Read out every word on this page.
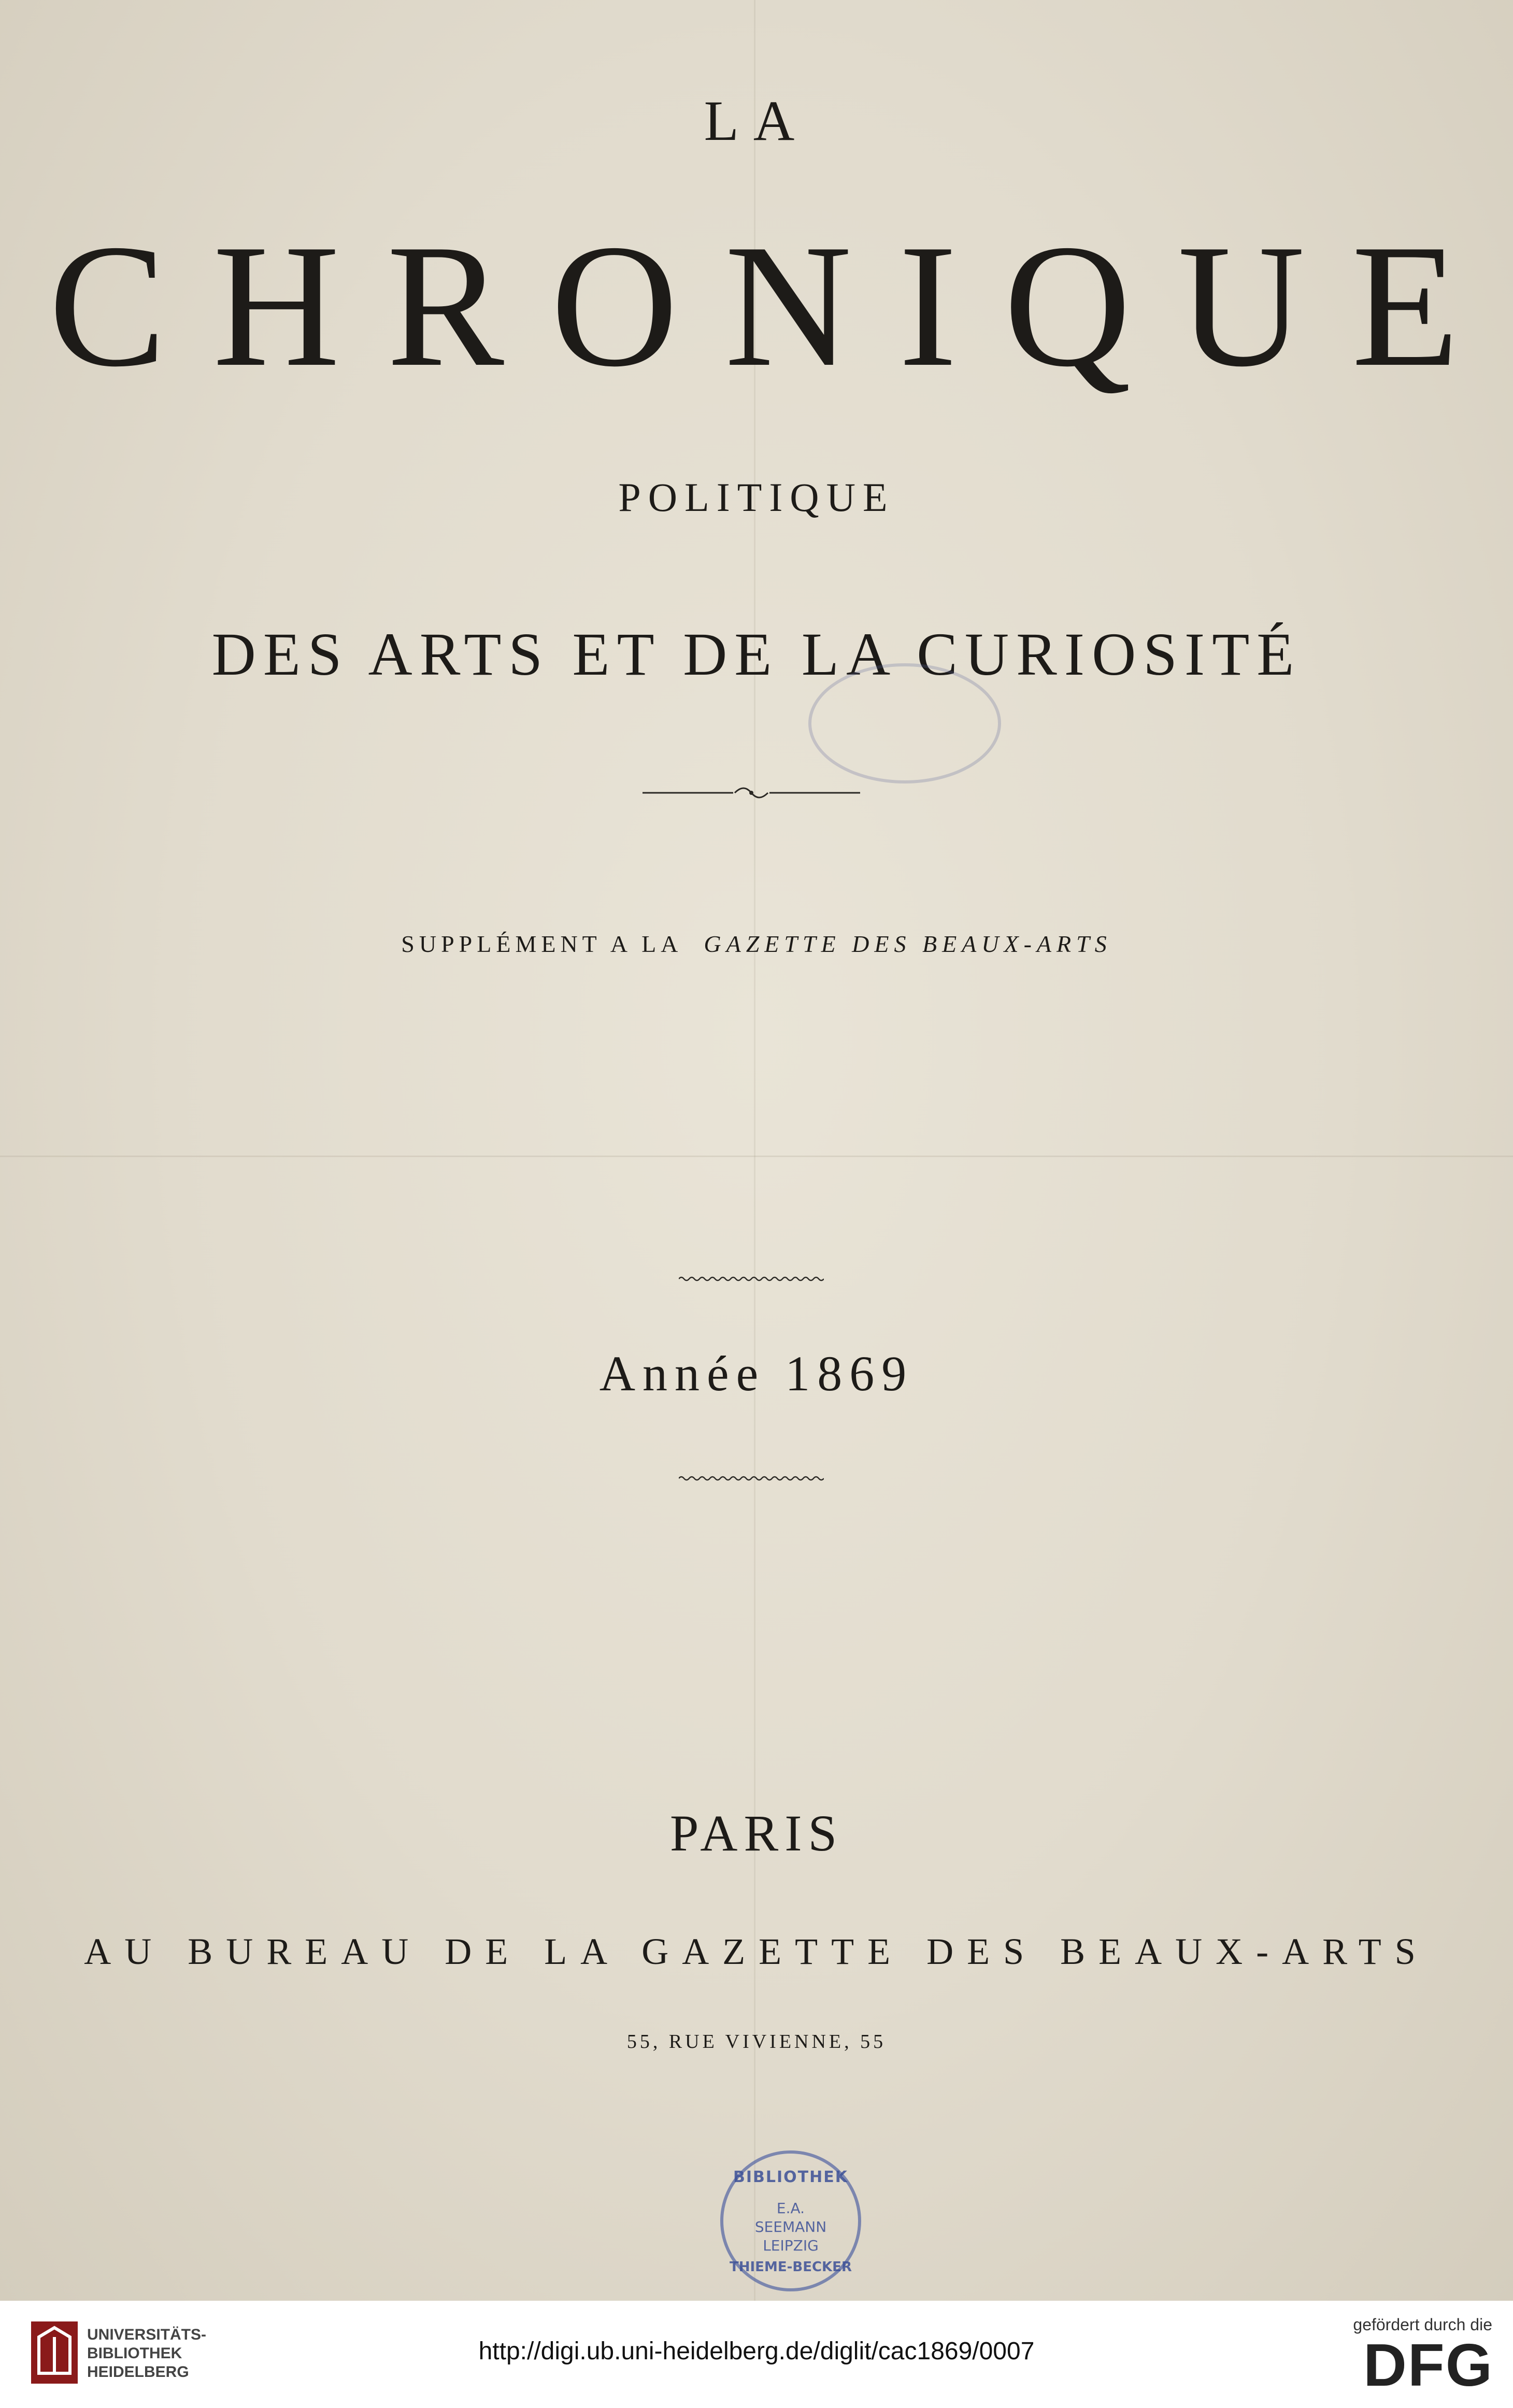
LA
CHRONIQUE
POLITIQUE
DES ARTS ET DE LA CURIOSITÉ

SUPPLÉMENT A LA GAZETTE DES BEAUX-ARTS
Année 1869
PARIS
AU BUREAU DE LA GAZETTE DES BEAUX-ARTS
55, RUE VIVIENNE, 55
BIBLIOTHEK
E.A.
SEEMANN
LEIPZIG
THIEME-BECKER
UNIVERSITÄTS-
BIBLIOTHEK
HEIDELBERG
http://digi.ub.uni-heidelberg.de/diglit/cac1869/0007
gefördert durch die
DFG
